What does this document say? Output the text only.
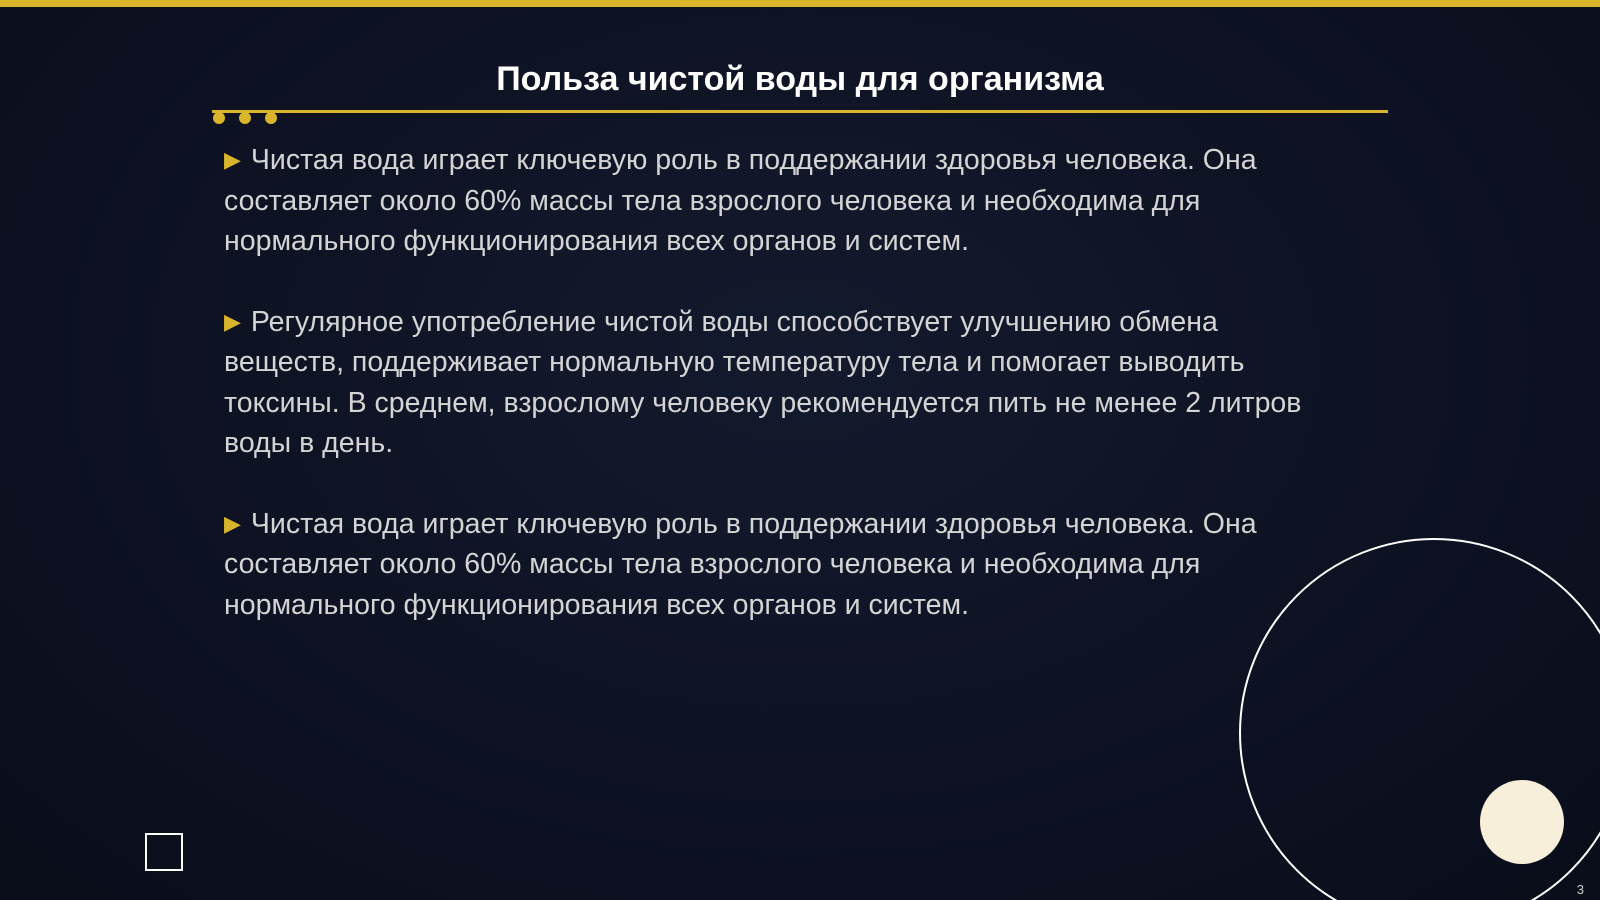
Польза чистой воды для организма

▶ Чистая вода играет ключевую роль в поддержании здоровья человека. Она составляет около 60% массы тела взрослого человека и необходима для нормального функционирования всех органов и систем.

▶ Регулярное употребление чистой воды способствует улучшению обмена веществ, поддерживает нормальную температуру тела и помогает выводить токсины. В среднем, взрослому человеку рекомендуется пить не менее 2 литров воды в день.

▶ Чистая вода играет ключевую роль в поддержании здоровья человека. Она составляет около 60% массы тела взрослого человека и необходима для нормального функционирования всех органов и систем.

3
